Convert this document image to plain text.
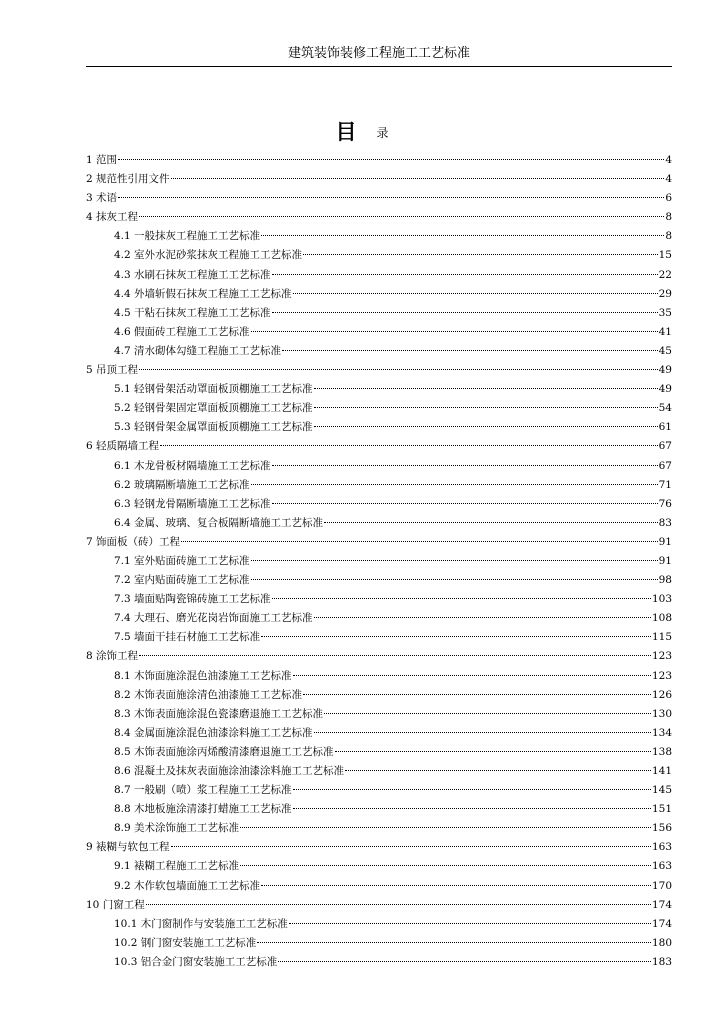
建筑装饰装修工程施工工艺标准
目 录
1 范围	4
2 规范性引用文件	4
3 术语	6
4 抹灰工程	8
4.1 一般抹灰工程施工工艺标准	8
4.2 室外水泥砂浆抹灰工程施工工艺标准	15
4.3 水刷石抹灰工程施工工艺标准	22
4.4 外墙斩假石抹灰工程施工工艺标准	29
4.5 干粘石抹灰工程施工工艺标准	35
4.6 假面砖工程施工工艺标准	41
4.7 清水砌体勾缝工程施工工艺标准	45
5 吊顶工程	49
5.1 轻钢骨架活动罩面板顶棚施工工艺标准	49
5.2 轻钢骨架固定罩面板顶棚施工工艺标准	54
5.3 轻钢骨架金属罩面板顶棚施工工艺标准	61
6 轻质隔墙工程	67
6.1 木龙骨板材隔墙施工工艺标准	67
6.2 玻璃隔断墙施工工艺标准	71
6.3 轻钢龙骨隔断墙施工工艺标准	76
6.4 金属、玻璃、复合板隔断墙施工工艺标准	83
7 饰面板（砖）工程	91
7.1 室外贴面砖施工工艺标准	91
7.2 室内贴面砖施工工艺标准	98
7.3 墙面贴陶瓷锦砖施工工艺标准	103
7.4 大理石、磨光花岗岩饰面施工工艺标准	108
7.5 墙面干挂石材施工工艺标准	115
8 涂饰工程	123
8.1 木饰面施涂混色油漆施工工艺标准	123
8.2 木饰表面施涂清色油漆施工工艺标准	126
8.3 木饰表面施涂混色瓷漆磨退施工工艺标准	130
8.4 金属面施涂混色油漆涂料施工工艺标准	134
8.5 木饰表面施涂丙烯酸清漆磨退施工工艺标准	138
8.6 混凝土及抹灰表面施涂油漆涂料施工工艺标准	141
8.7 一般刷（喷）浆工程施工工艺标准	145
8.8 木地板施涂清漆打蜡施工工艺标准	151
8.9 美术涂饰施工工艺标准	156
9 裱糊与软包工程	163
9.1 裱糊工程施工工艺标准	163
9.2 木作软包墙面施工工艺标准	170
10 门窗工程	174
10.1 木门窗制作与安装施工工艺标准	174
10.2 钢门窗安装施工工艺标准	180
10.3 铝合金门窗安装施工工艺标准	183
